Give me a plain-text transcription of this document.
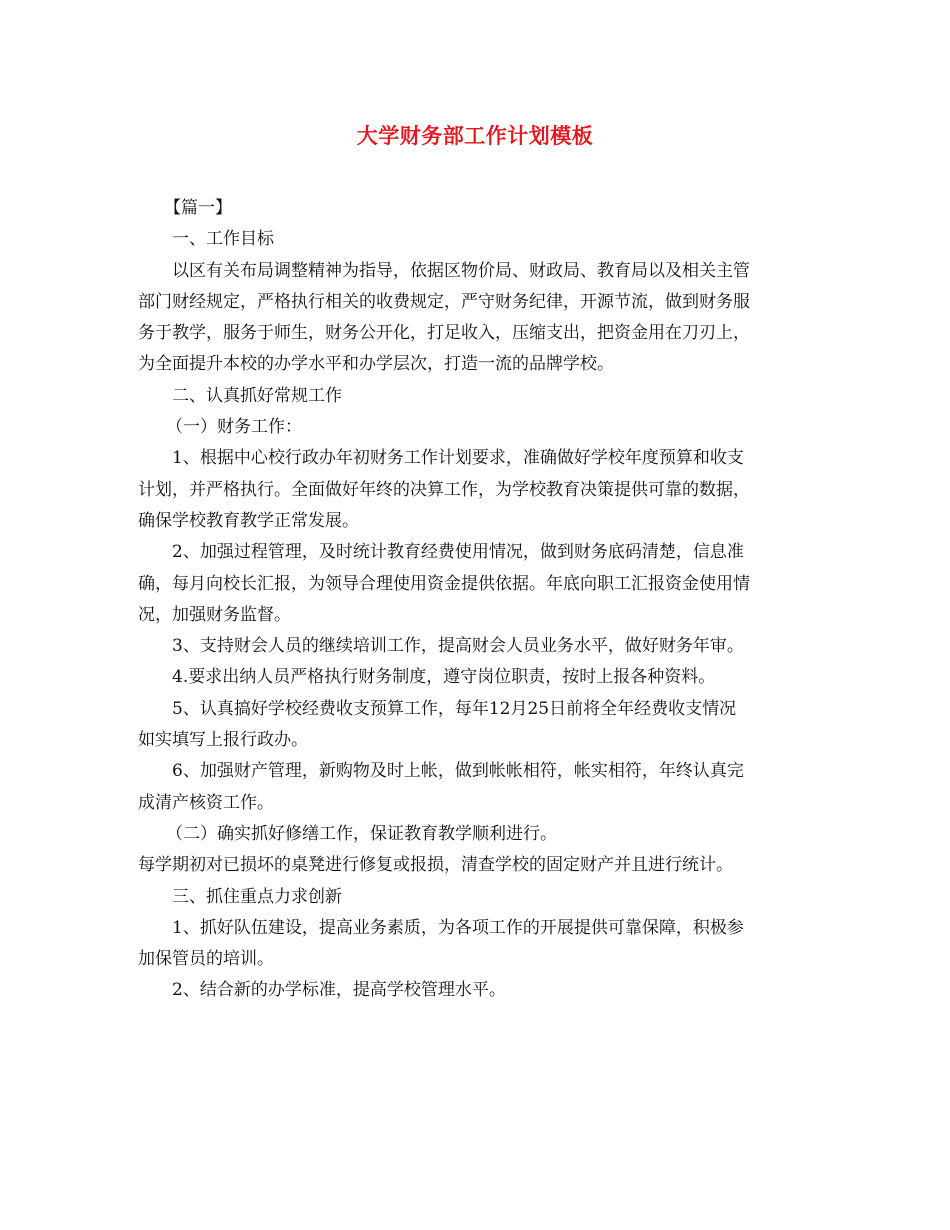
大学财务部工作计划模板
【篇一】
一、工作目标
以区有关布局调整精神为指导，依据区物价局、财政局、教育局以及相关主管
部门财经规定，严格执行相关的收费规定，严守财务纪律，开源节流，做到财务服
务于教学，服务于师生，财务公开化，打足收入，压缩支出，把资金用在刀刃上，
为全面提升本校的办学水平和办学层次，打造一流的品牌学校。
二、认真抓好常规工作
（一）财务工作：
1、根据中心校行政办年初财务工作计划要求，准确做好学校年度预算和收支
计划，并严格执行。全面做好年终的决算工作，为学校教育决策提供可靠的数据，
确保学校教育教学正常发展。
2、加强过程管理，及时统计教育经费使用情况，做到财务底码清楚，信息准
确，每月向校长汇报，为领导合理使用资金提供依据。年底向职工汇报资金使用情
况，加强财务监督。
3、支持财会人员的继续培训工作，提高财会人员业务水平，做好财务年审。
4.要求出纳人员严格执行财务制度，遵守岗位职责，按时上报各种资料。
5、认真搞好学校经费收支预算工作，每年12月25日前将全年经费收支情况
如实填写上报行政办。
6、加强财产管理，新购物及时上帐，做到帐帐相符，帐实相符，年终认真完
成清产核资工作。
（二）确实抓好修缮工作，保证教育教学顺利进行。
每学期初对已损坏的桌凳进行修复或报损，清查学校的固定财产并且进行统计。
三、抓住重点力求创新
1、抓好队伍建设，提高业务素质，为各项工作的开展提供可靠保障，积极参
加保管员的培训。
2、结合新的办学标准，提高学校管理水平。
